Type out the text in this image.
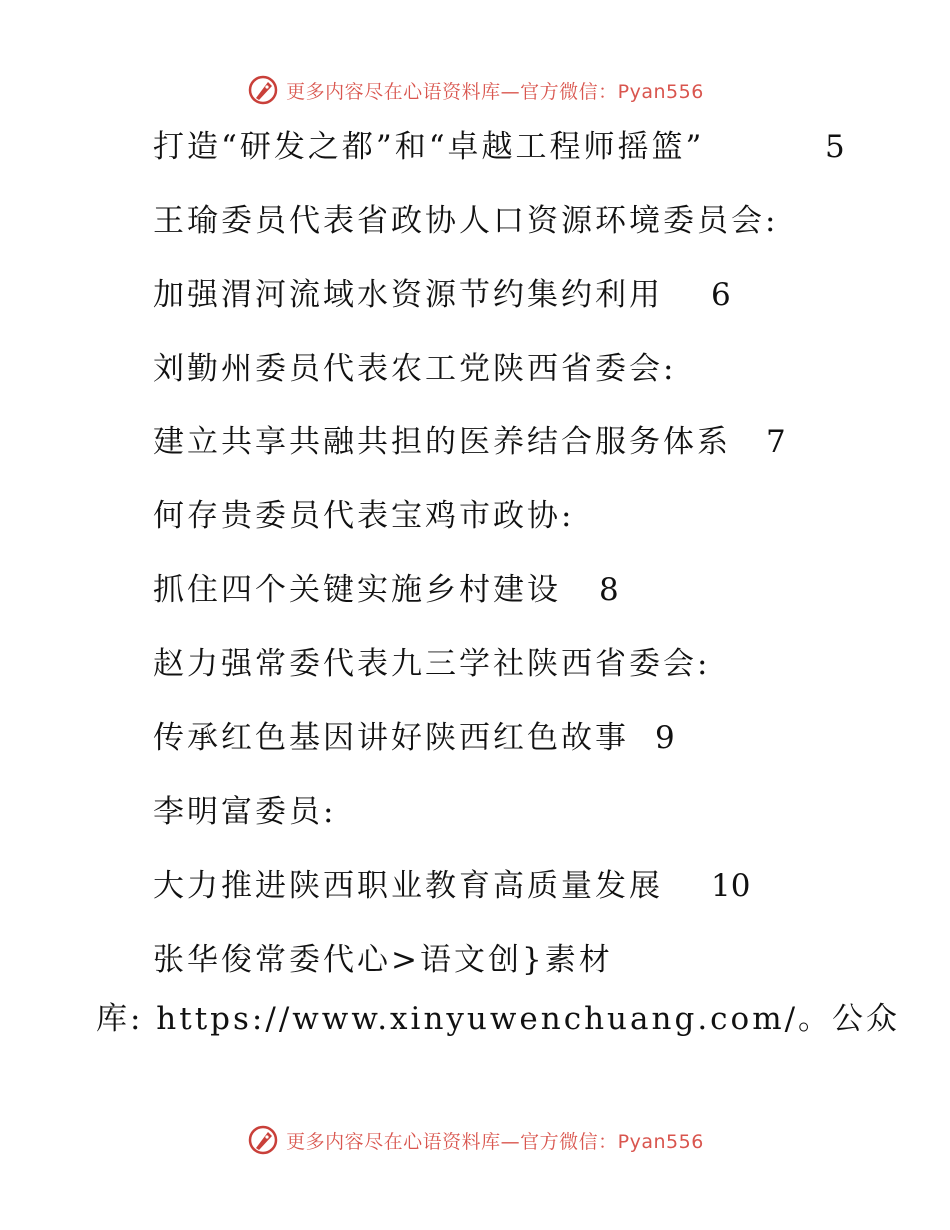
更多内容尽在心语资料库—官方微信：Pyan556
打造“研发之都”和“卓越工程师摇篮”	5
王瑜委员代表省政协人口资源环境委员会:
加强渭河流域水资源节约集约利用 6
刘勤州委员代表农工党陕西省委会:
建立共享共融共担的医养结合服务体系 7
何存贵委员代表宝鸡市政协:
抓住四个关键实施乡村建设 8
赵力强常委代表九三学社陕西省委会:
传承红色基因讲好陕西红色故事 9
李明富委员:
大力推进陕西职业教育高质量发展 10
张华俊常委代心>语文创}素材
库: https://www.xinyuwenchuang.com/。公众
更多内容尽在心语资料库—官方微信：Pyan556
